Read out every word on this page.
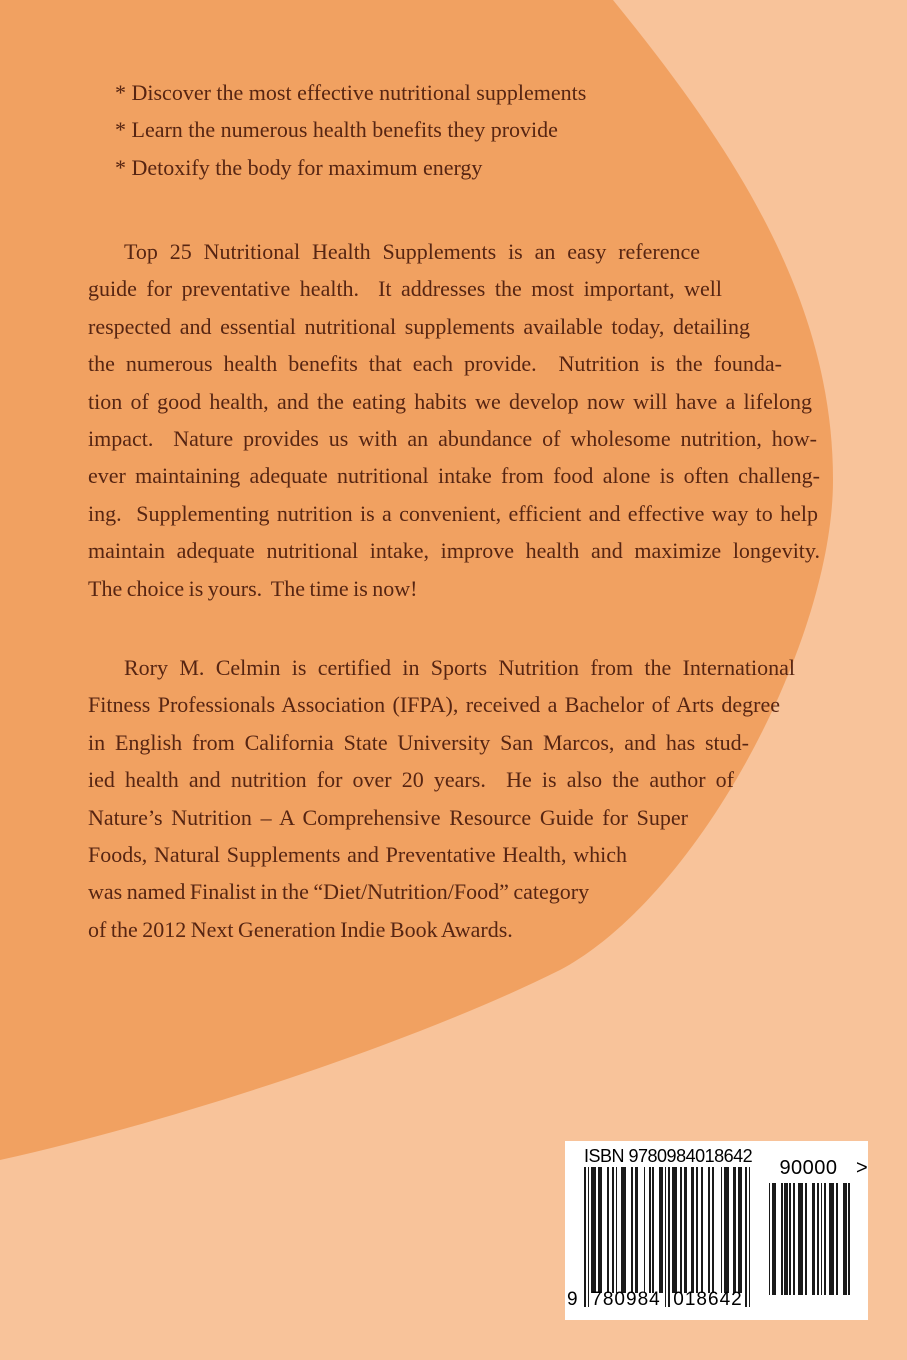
* Discover the most effective nutritional supplements
* Learn the numerous health benefits they provide
* Detoxify the body for maximum energy
Top 25 Nutritional Health Supplements is an easy reference
guide for preventative health.  It addresses the most important, well
respected and essential nutritional supplements available today, detailing
the numerous health benefits that each provide.  Nutrition is the founda-
tion of good health, and the eating habits we develop now will have a lifelong
impact.  Nature provides us with an abundance of wholesome nutrition, how-
ever maintaining adequate nutritional intake from food alone is often challeng-
ing.  Supplementing nutrition is a convenient, efficient and effective way to help
maintain adequate nutritional intake, improve health and maximize longevity.
The choice is yours.  The time is now!
Rory M. Celmin is certified in Sports Nutrition from the International
Fitness Professionals Association (IFPA), received a Bachelor of Arts degree
in English from California State University San Marcos, and has stud-
ied health and nutrition for over 20 years.  He is also the author of
Nature’s Nutrition – A Comprehensive Resource Guide for Super
Foods, Natural Supplements and Preventative Health, which
was named Finalist in the “Diet/Nutrition/Food” category
of the 2012 Next Generation Indie Book Awards.
ISBN 9780984018642
9 780984 018642
90000 >
